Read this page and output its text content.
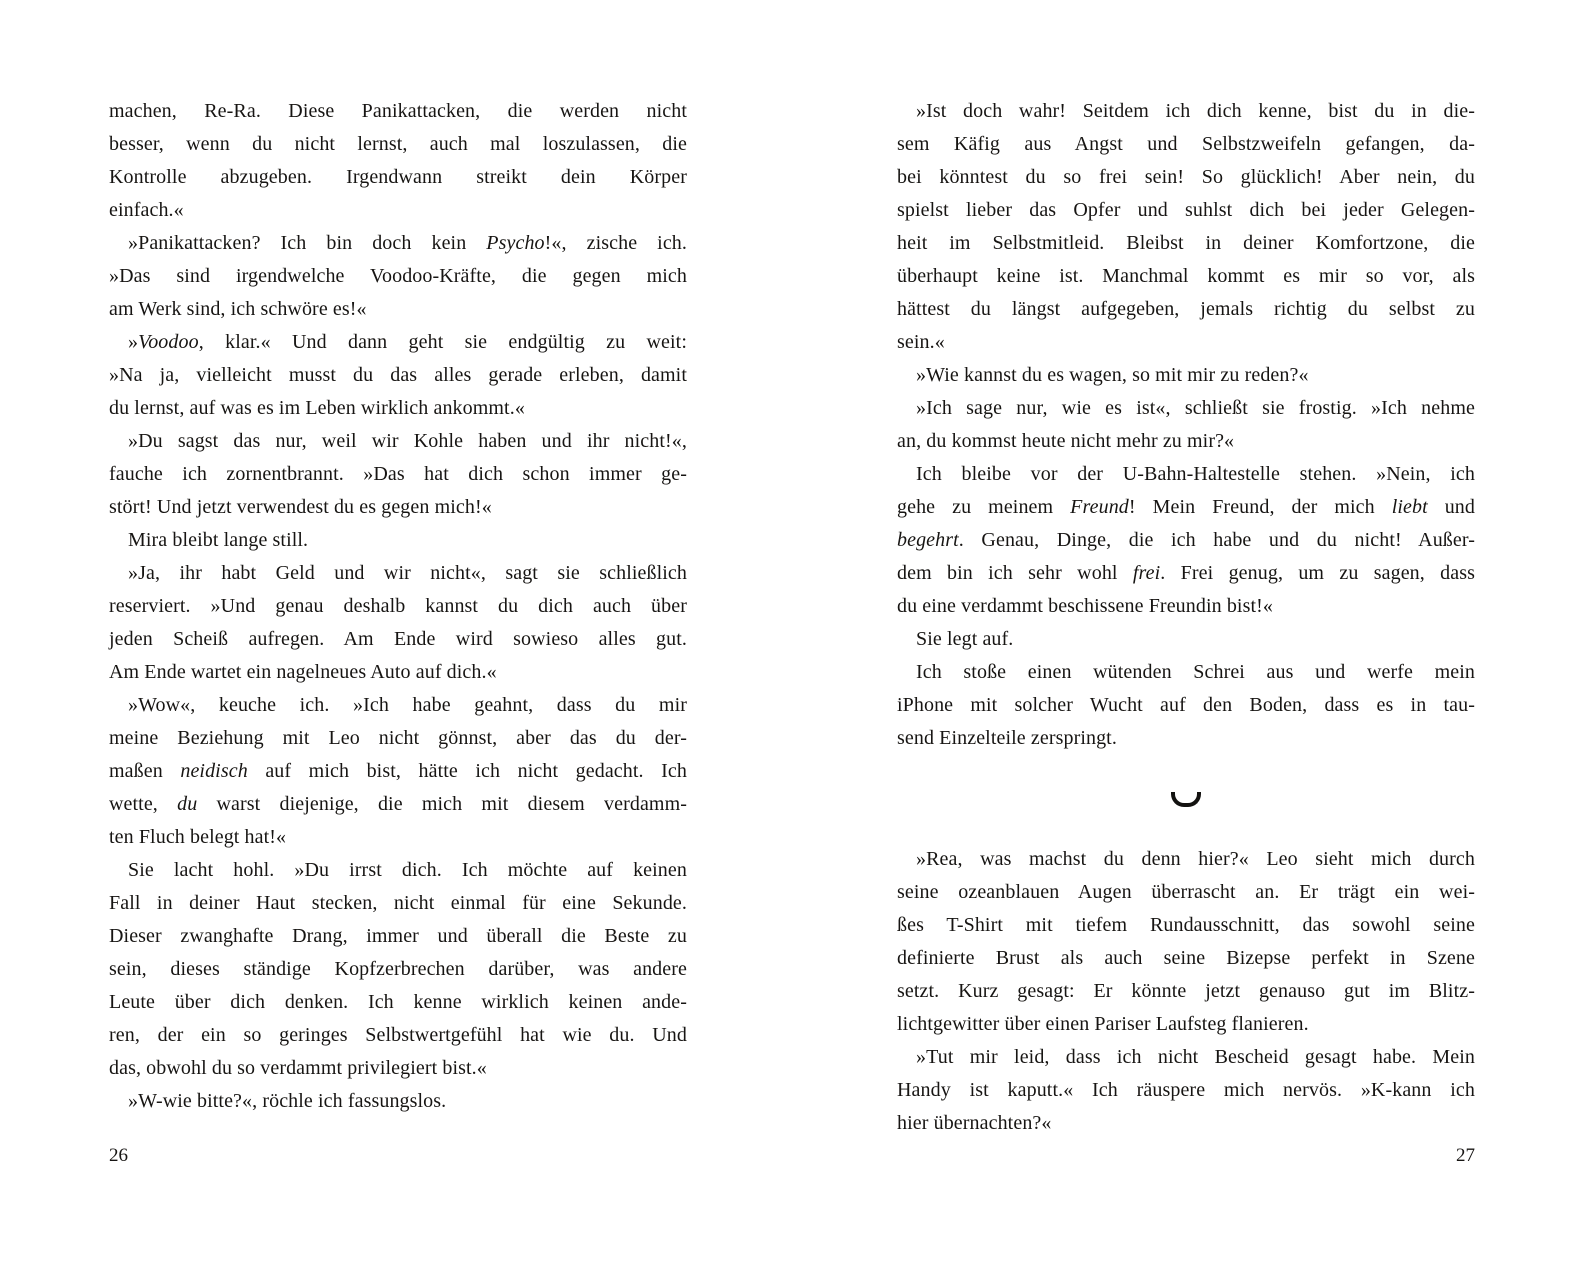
machen, Re-Ra. Diese Panikattacken, die werden nicht
besser, wenn du nicht lernst, auch mal loszulassen, die
Kontrolle abzugeben. Irgendwann streikt dein Körper
einfach.«
»Panikattacken? Ich bin doch kein Psycho!«, zische ich.
»Das sind irgendwelche Voodoo-Kräfte, die gegen mich
am Werk sind, ich schwöre es!«
»Voodoo, klar.« Und dann geht sie endgültig zu weit:
»Na ja, vielleicht musst du das alles gerade erleben, damit
du lernst, auf was es im Leben wirklich ankommt.«
»Du sagst das nur, weil wir Kohle haben und ihr nicht!«,
fauche ich zornentbrannt. »Das hat dich schon immer ge-
stört! Und jetzt verwendest du es gegen mich!«
Mira bleibt lange still.
»Ja, ihr habt Geld und wir nicht«, sagt sie schließlich
reserviert. »Und genau deshalb kannst du dich auch über
jeden Scheiß aufregen. Am Ende wird sowieso alles gut.
Am Ende wartet ein nagelneues Auto auf dich.«
»Wow«, keuche ich. »Ich habe geahnt, dass du mir
meine Beziehung mit Leo nicht gönnst, aber das du der-
maßen neidisch auf mich bist, hätte ich nicht gedacht. Ich
wette, du warst diejenige, die mich mit diesem verdamm-
ten Fluch belegt hat!«
Sie lacht hohl. »Du irrst dich. Ich möchte auf keinen
Fall in deiner Haut stecken, nicht einmal für eine Sekunde.
Dieser zwanghafte Drang, immer und überall die Beste zu
sein, dieses ständige Kopfzerbrechen darüber, was andere
Leute über dich denken. Ich kenne wirklich keinen ande-
ren, der ein so geringes Selbstwertgefühl hat wie du. Und
das, obwohl du so verdammt privilegiert bist.«
»W-wie bitte?«, röchle ich fassungslos.
»Ist doch wahr! Seitdem ich dich kenne, bist du in die-
sem Käfig aus Angst und Selbstzweifeln gefangen, da-
bei könntest du so frei sein! So glücklich! Aber nein, du
spielst lieber das Opfer und suhlst dich bei jeder Gelegen-
heit im Selbstmitleid. Bleibst in deiner Komfortzone, die
überhaupt keine ist. Manchmal kommt es mir so vor, als
hättest du längst aufgegeben, jemals richtig du selbst zu
sein.«
»Wie kannst du es wagen, so mit mir zu reden?«
»Ich sage nur, wie es ist«, schließt sie frostig. »Ich nehme
an, du kommst heute nicht mehr zu mir?«
Ich bleibe vor der U-Bahn-Haltestelle stehen. »Nein, ich
gehe zu meinem Freund! Mein Freund, der mich liebt und
begehrt. Genau, Dinge, die ich habe und du nicht! Außer-
dem bin ich sehr wohl frei. Frei genug, um zu sagen, dass
du eine verdammt beschissene Freundin bist!«
Sie legt auf.
Ich stoße einen wütenden Schrei aus und werfe mein
iPhone mit solcher Wucht auf den Boden, dass es in tau-
send Einzelteile zerspringt.
»Rea, was machst du denn hier?« Leo sieht mich durch
seine ozeanblauen Augen überrascht an. Er trägt ein wei-
ßes T-Shirt mit tiefem Rundausschnitt, das sowohl seine
definierte Brust als auch seine Bizepse perfekt in Szene
setzt. Kurz gesagt: Er könnte jetzt genauso gut im Blitz-
lichtgewitter über einen Pariser Laufsteg flanieren.
»Tut mir leid, dass ich nicht Bescheid gesagt habe. Mein
Handy ist kaputt.« Ich räuspere mich nervös. »K-kann ich
hier übernachten?«
26	27
